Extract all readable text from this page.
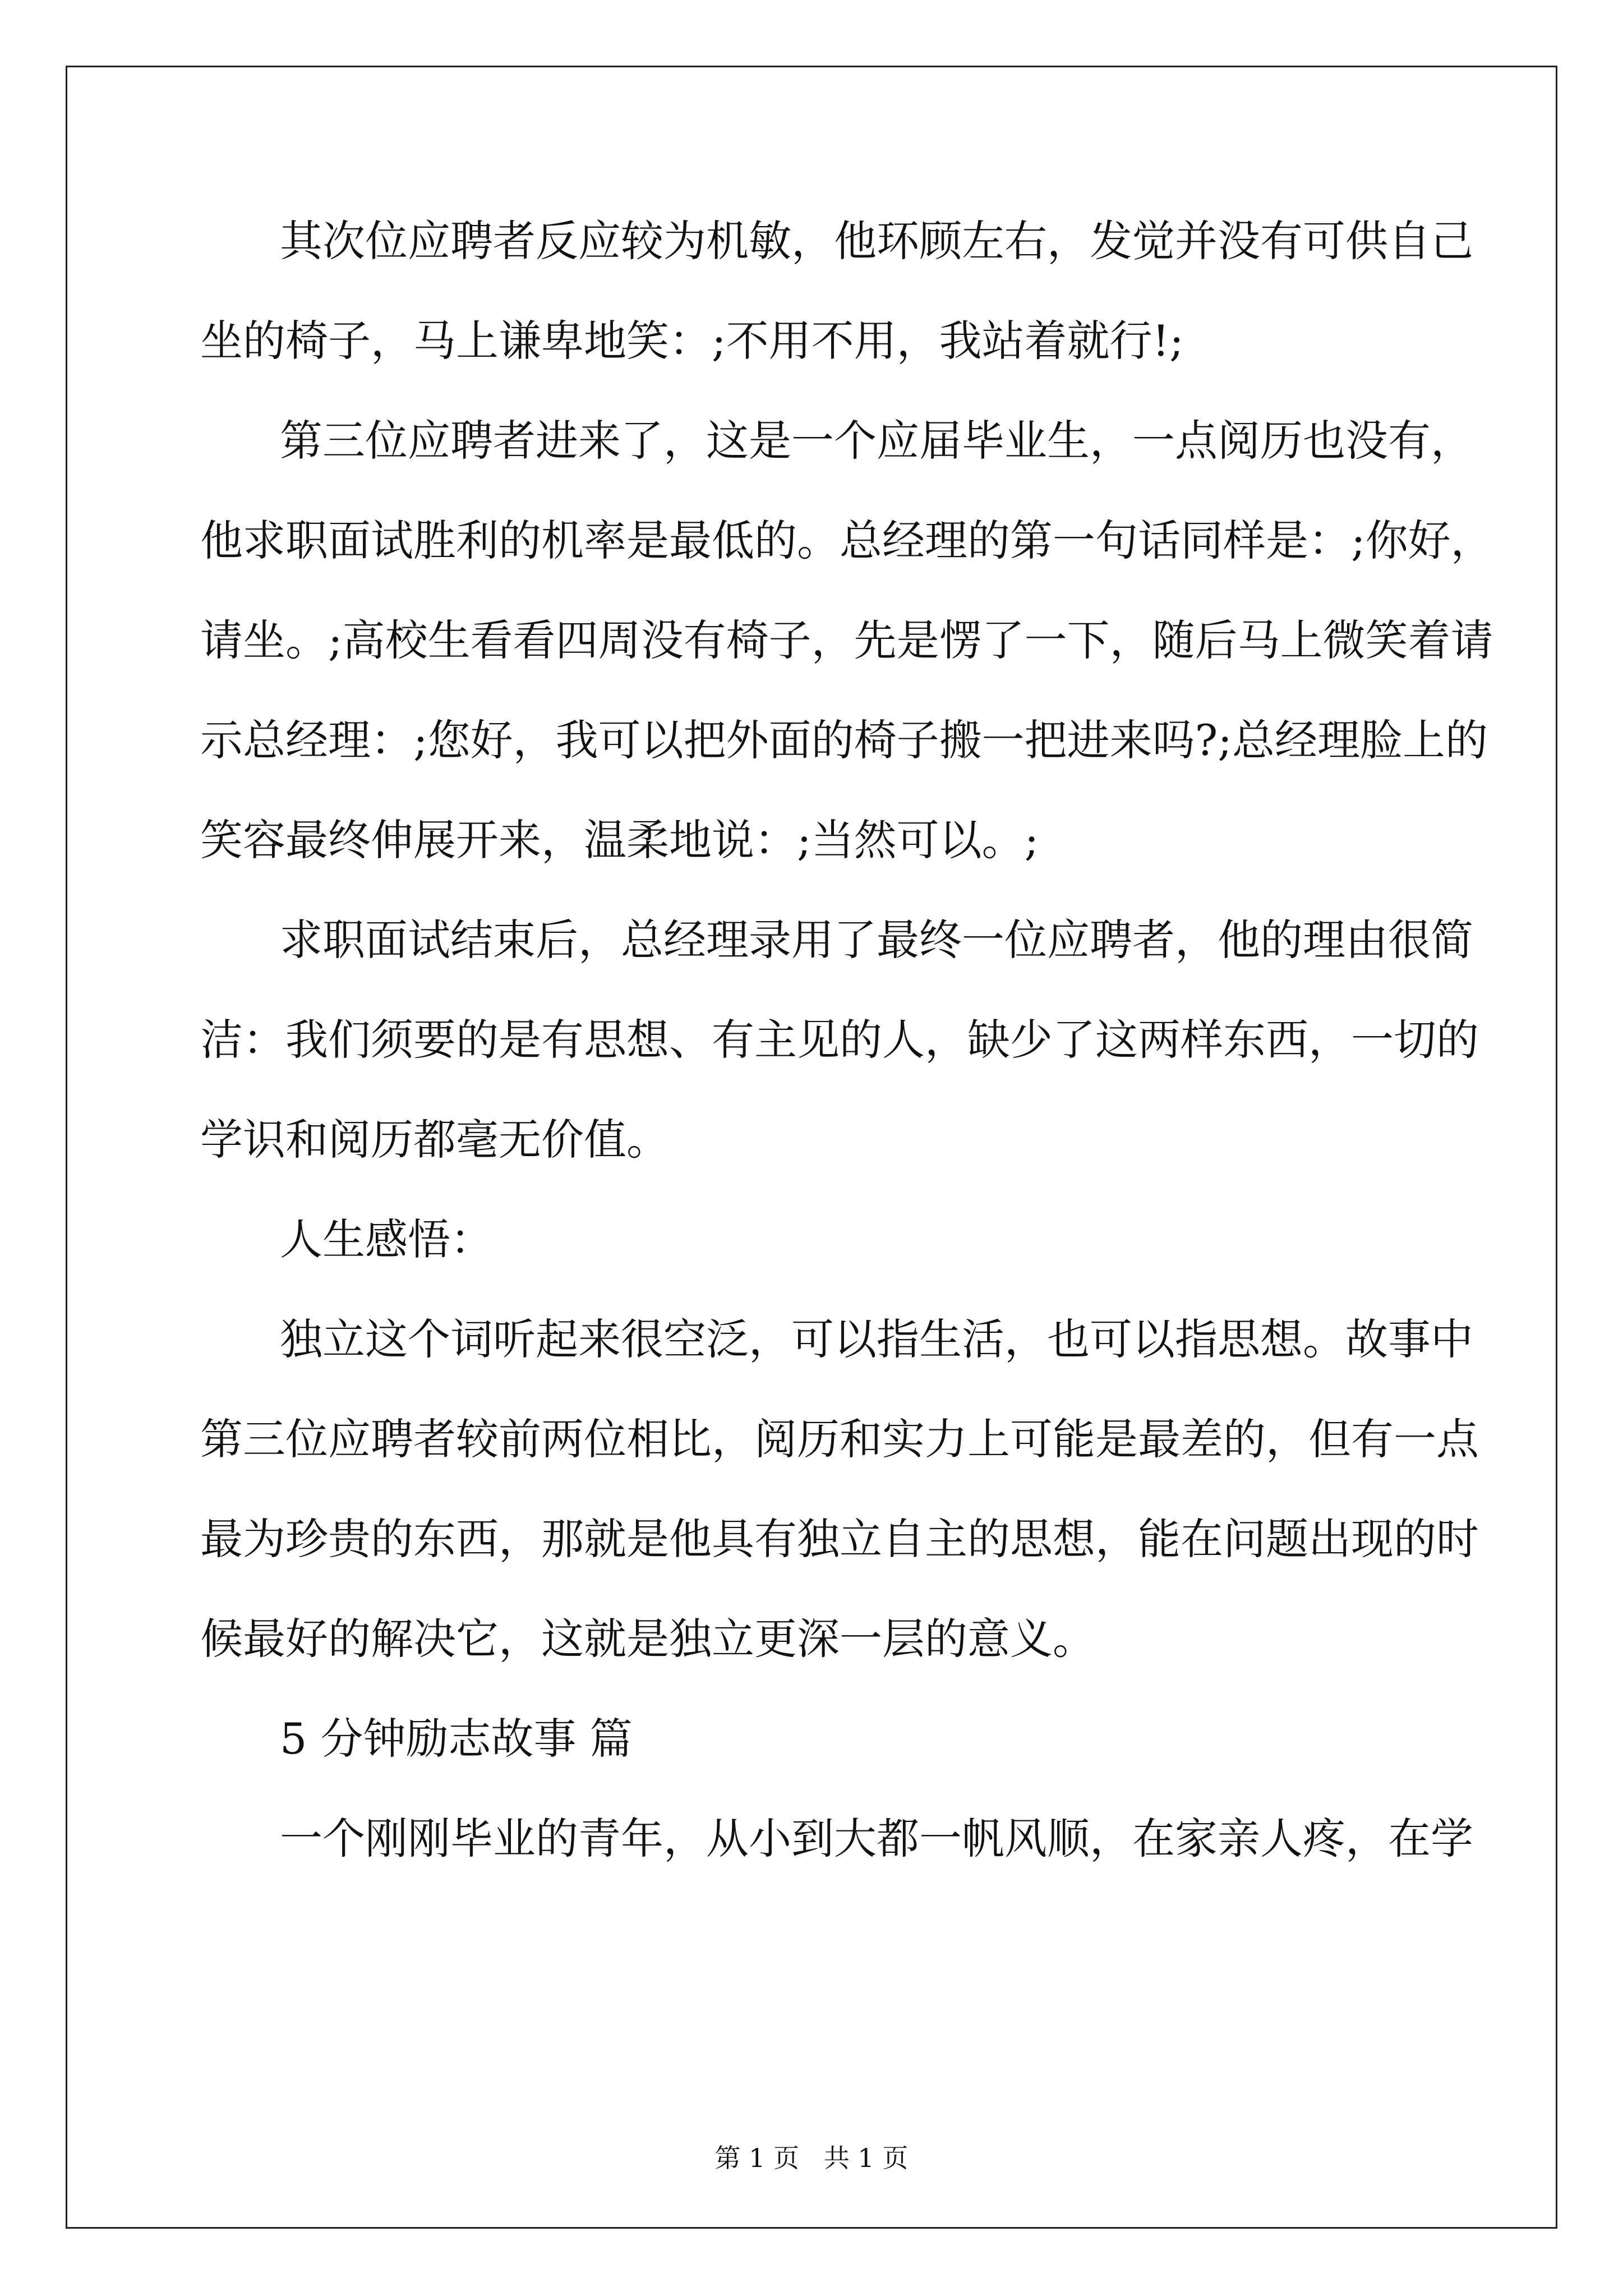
其次位应聘者反应较为机敏，他环顾左右，发觉并没有可供自己
坐的椅子，马上谦卑地笑：;不用不用，我站着就行!;
第三位应聘者进来了，这是一个应届毕业生，一点阅历也没有，
他求职面试胜利的机率是最低的。总经理的第一句话同样是：;你好，
请坐。;高校生看看四周没有椅子，先是愣了一下，随后马上微笑着请
示总经理：;您好，我可以把外面的椅子搬一把进来吗?;总经理脸上的
笑容最终伸展开来，温柔地说：;当然可以。;
求职面试结束后，总经理录用了最终一位应聘者，他的理由很简
洁：我们须要的是有思想、有主见的人，缺少了这两样东西，一切的
学识和阅历都毫无价值。
人生感悟：
独立这个词听起来很空泛，可以指生活，也可以指思想。故事中
第三位应聘者较前两位相比，阅历和实力上可能是最差的，但有一点
最为珍贵的东西，那就是他具有独立自主的思想，能在问题出现的时
候最好的解决它，这就是独立更深一层的意义。
5 分钟励志故事 篇
一个刚刚毕业的青年，从小到大都一帆风顺，在家亲人疼，在学
第 1 页   共 1 页
